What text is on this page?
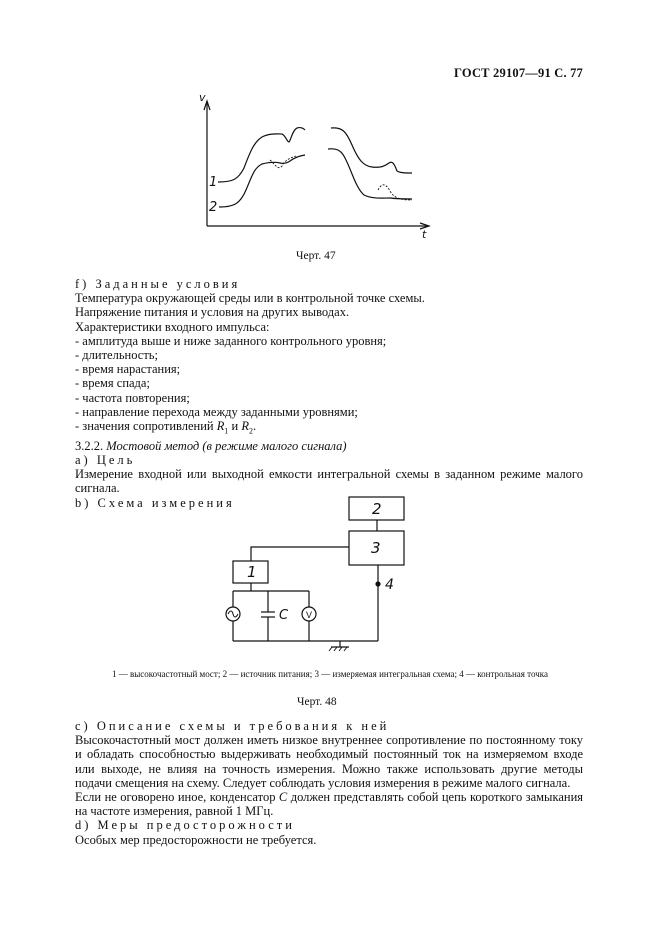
ГОСТ 29107—91 С. 77
v
t
1
2
2
3
1
4
C V
Черт. 47

f) Заданные условия

Температура окружающей среды или в контрольной точке схемы.

Напряжение питания и условия на других выводах.

Характеристики входного импульса:

- амплитуда выше и ниже заданного контрольного уровня;

- длительность;

- время нарастания;

- время спада;

- частота повторения;

- направление перехода между заданными уровнями;

- значения сопротивлений $R_1$ и $R_2$.

3.2.2. Мостовой метод (в режиме малого сигнала)

а) Цель

Измерение входной или выходной емкости интегральной схемы в заданном режиме малого сигнала.

b) Схема измерения

1 — высокочастотный мост; 2 — источник питания; 3 — измеряемая интегральная схема; 4 — контрольная точка
Черт. 48

с) Описание схемы и требования к ней

Высокочастотный мост должен иметь низкое внутреннее сопротивление по постоянному току и обладать способностью выдерживать необходимый постоянный ток на измеряемом входе или выходе, не влияя на точность измерения. Можно также использовать другие методы подачи смещения на схему. Следует соблюдать условия измерения в режиме малого сигнала.

Если не оговорено иное, конденсатор С должен представлять собой цепь короткого замыкания на частоте измерения, равной 1 МГц.

d) Меры предосторожности

Особых мер предосторожности не требуется.
